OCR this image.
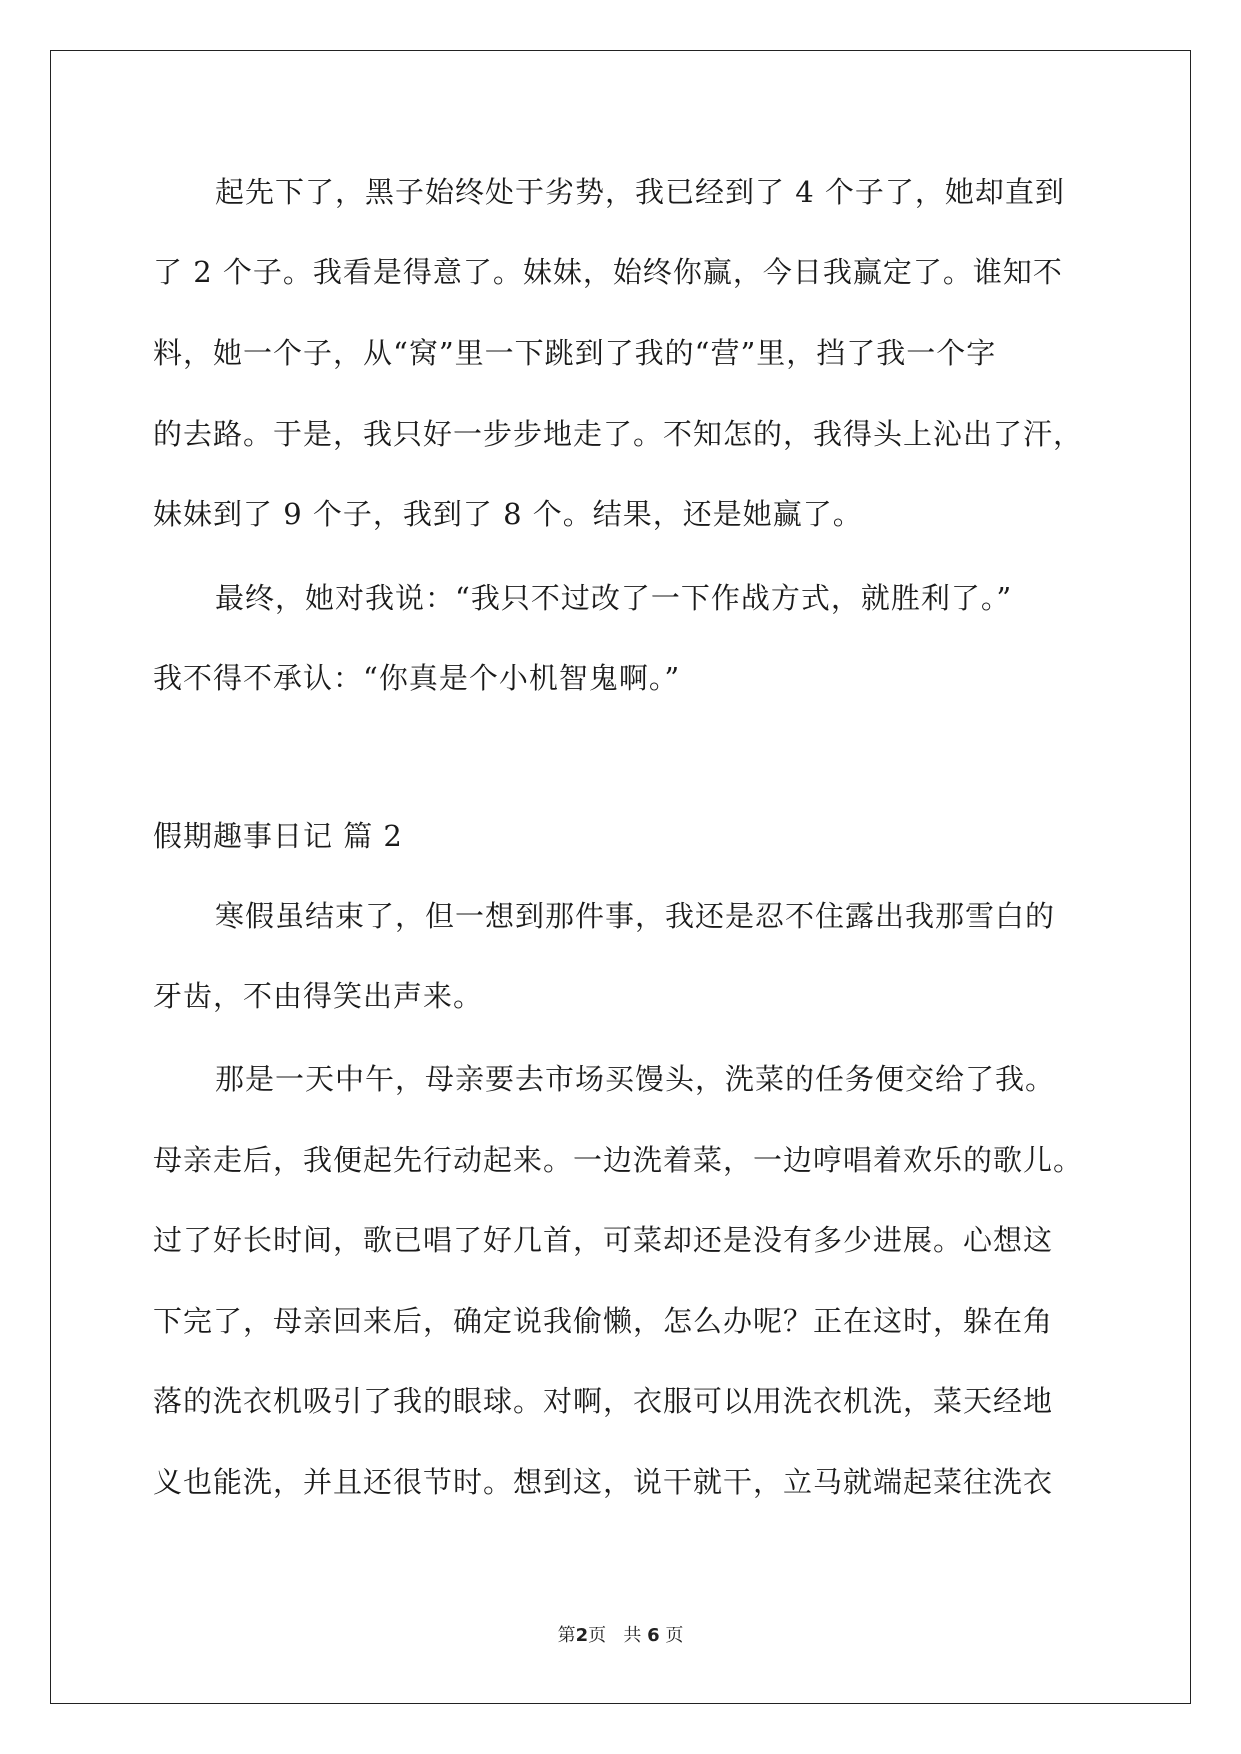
起先下了，黑子始终处于劣势，我已经到了 4 个子了，她却直到
了 2 个子。我看是得意了。妹妹，始终你赢，今日我赢定了。谁知不
料，她一个子，从“窝”里一下跳到了我的“营”里，挡了我一个字
的去路。于是，我只好一步步地走了。不知怎的，我得头上沁出了汗，
妹妹到了 9 个子，我到了 8 个。结果，还是她赢了。
最终，她对我说：“我只不过改了一下作战方式，就胜利了。”
我不得不承认：“你真是个小机智鬼啊。”
假期趣事日记 篇 2
寒假虽结束了，但一想到那件事，我还是忍不住露出我那雪白的
牙齿，不由得笑出声来。
那是一天中午，母亲要去市场买馒头，洗菜的任务便交给了我。
母亲走后，我便起先行动起来。一边洗着菜，一边哼唱着欢乐的歌儿。
过了好长时间，歌已唱了好几首，可菜却还是没有多少进展。心想这
下完了，母亲回来后，确定说我偷懒，怎么办呢？正在这时，躲在角
落的洗衣机吸引了我的眼球。对啊，衣服可以用洗衣机洗，菜天经地
义也能洗，并且还很节时。想到这，说干就干，立马就端起菜往洗衣
第2页 共 6 页
